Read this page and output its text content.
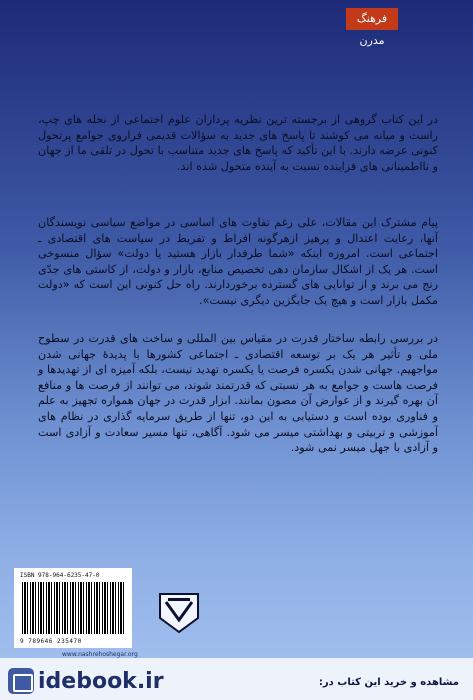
فرهنگ مدرن

در این کتاب گروهی از برجسته ترین نظریه پردازان علوم اجتماعی از نحله های چپ، راست و میانه می کوشند تا پاسخ های جدید به سؤالات قدیمی فراروی جوامع پرتحول کنونی عرضه دارند. با این تأکید که پاسخ های جدید متناسب با تحول در تلقی ما از جهان و نااطمینانی های فزاینده نسبت به آینده متحول شده اند.

پیام مشترک این مقالات، علی رغم تفاوت های اساسی در مواضع سیاسی نویسندگان آنها، رعایت اعتدال و پرهیز ازهرگونه افراط و تفریط در سیاست های اقتصادی ـ اجتماعی است. امروزه اینکه «شما طرفدار بازار هستید یا دولت» سؤال منسوخی است. هر یک از اشکال سازمان دهی تخصیص منابع، بازار و دولت، از کاستی های جدّی رنج می برند و از توانایی های گسترده برخوردارند. راه حل کنونی این است که «دولت مکمل بازار است و هیچ یک جایگزین دیگری نیست».

در بررسی رابطه ساختار قدرت در مقیاس بین المللی و ساخت های قدرت در سطوح ملی و تأثیر هر یک بر توسعه اقتصادی ـ اجتماعی کشورها با پدیدهٔ جهانی شدن مواجهیم. جهانی شدن یکسره فرصت یا یکسره تهدید نیست، بلکه آمیزه ای از تهدیدها و فرصت هاست و جوامع به هر نسبتی که قدرتمند شوند، می توانند از فرصت ها و منافع آن بهره گیرند و از عوارض آن مصون بمانند. ابزار قدرت در جهان همواره تجهیز به علم و فناوری بوده است و دستیابی به این دو، تنها از طریق سرمایه گذاری در نظام های آموزشی و تربیتی و بهداشتی میسر می شود. آگاهی، تنها مسیر سعادت و آزادی است و آزادی با جهل میسر نمی شود.

ISBN 978-964-6235-47-0
9 789646 235470
www.nashrehoshegar.org
idebook.ir	مشاهده و خرید این کتاب در:
